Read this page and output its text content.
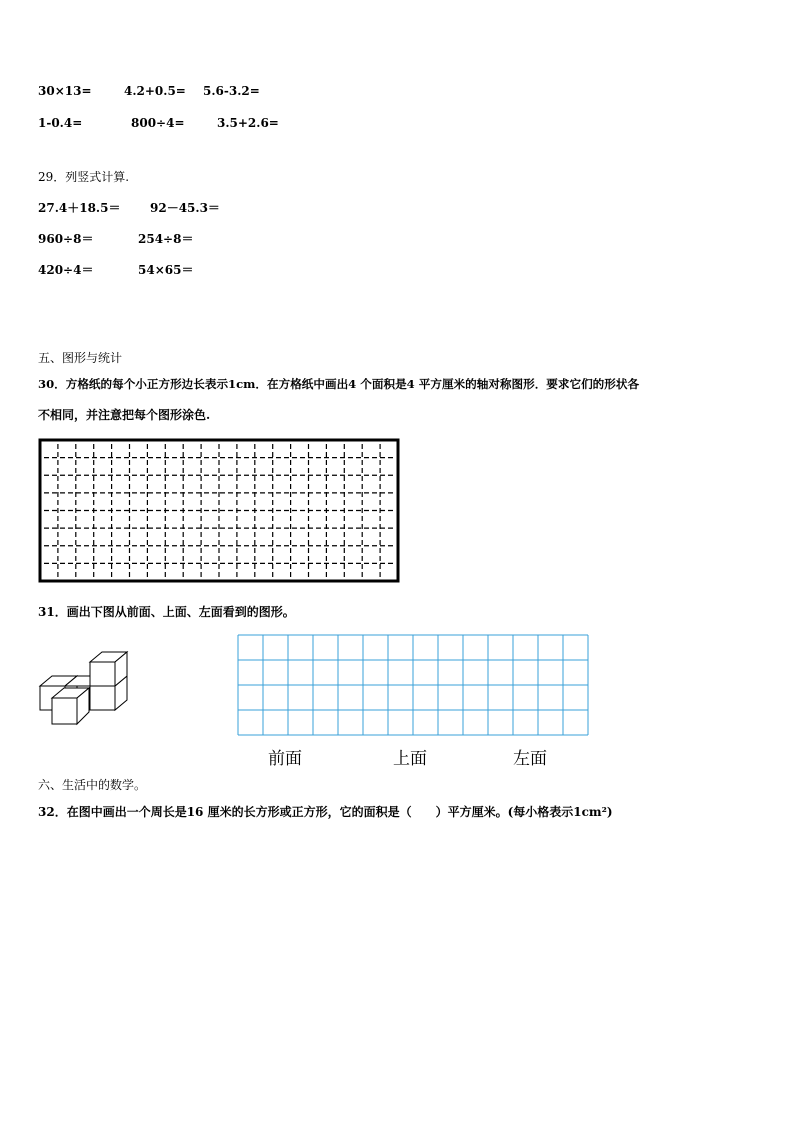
30×13=	4.2+0.5= 5.6-3.2=
1-0.4=	800÷4=	3.5+2.6=
29．列竖式计算.
27.4＋18.5＝ 92－45.3＝
960÷8＝	254÷8＝
420÷4＝	54×65＝
五、图形与统计
30．方格纸的每个小正方形边长表示1cm．在方格纸中画出4 个面积是4 平方厘米的轴对称图形．要求它们的形状各
不相同，并注意把每个图形涂色.
31．画出下图从前面、上面、左面看到的图形。
前面	上面	左面
六、生活中的数学。
32．在图中画出一个周长是16 厘米的长方形或正方形，它的面积是（　　）平方厘米。(每小格表示1cm²)
